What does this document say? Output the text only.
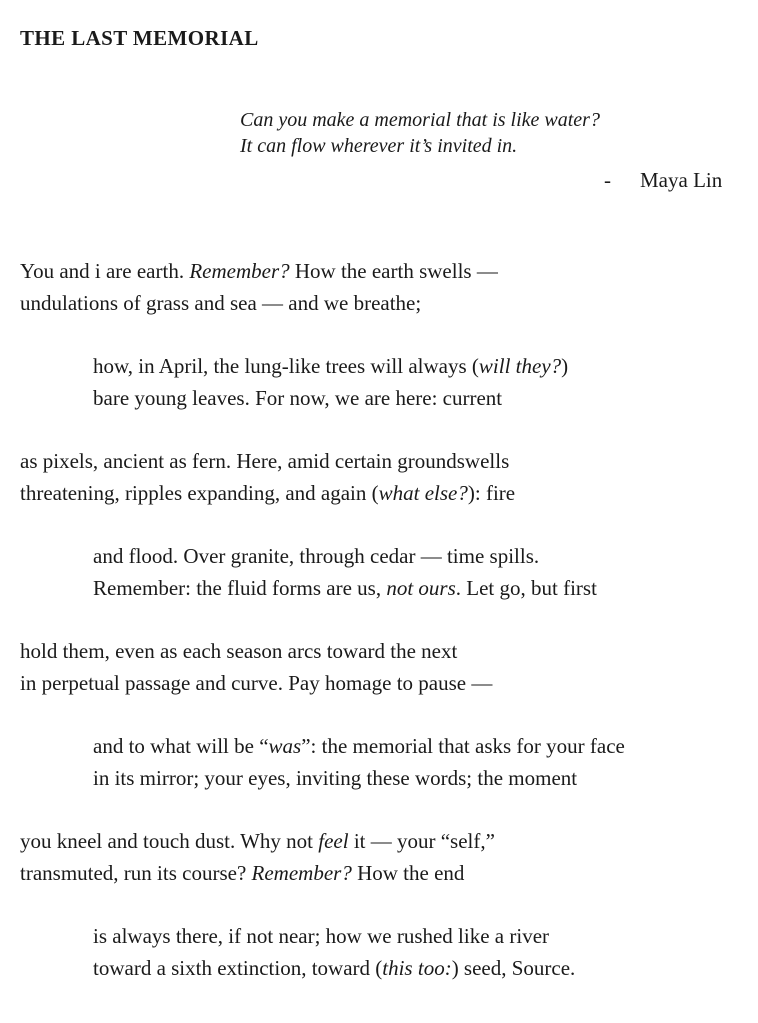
THE LAST MEMORIAL
Can you make a memorial that is like water?
It can flow wherever it’s invited in.
- Maya Lin
You and i are earth. Remember? How the earth swells —
undulations of grass and sea — and we breathe;
how, in April, the lung-like trees will always (will they?)
bare young leaves. For now, we are here: current
as pixels, ancient as fern. Here, amid certain groundswells
threatening, ripples expanding, and again (what else?): fire
and flood. Over granite, through cedar — time spills.
Remember: the fluid forms are us, not ours. Let go, but first
hold them, even as each season arcs toward the next
in perpetual passage and curve. Pay homage to pause —
and to what will be “was”: the memorial that asks for your face
in its mirror; your eyes, inviting these words; the moment
you kneel and touch dust. Why not feel it — your “self,”
transmuted, run its course? Remember? How the end
is always there, if not near; how we rushed like a river
toward a sixth extinction, toward (this too:) seed, Source.
